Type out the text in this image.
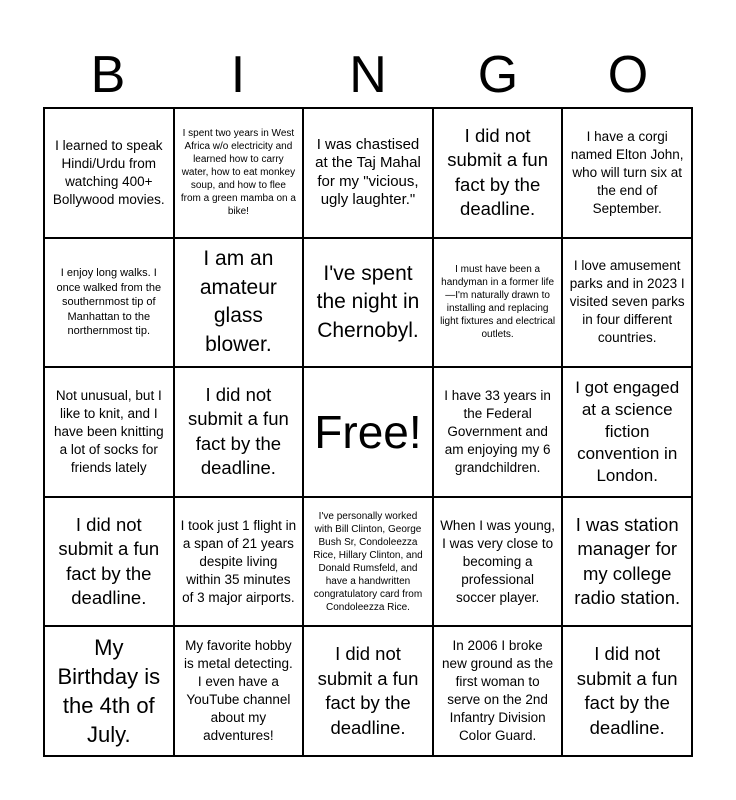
B	I	N	G	O
I learned to speak Hindi/Urdu from watching 400+ Bollywood movies.
I spent two years in West Africa w/o electricity and learned how to carry water, how to eat monkey soup, and how to flee from a green mamba on a bike!
I was chastised at the Taj Mahal for my "vicious, ugly laughter."
I did not submit a fun fact by the deadline.
I have a corgi named Elton John, who will turn six at the end of September.
I enjoy long walks. I once walked from the southernmost tip of Manhattan to the northernmost tip.
I am an amateur glass blower.
I've spent the night in Chernobyl.
I must have been a handyman in a former life—I'm naturally drawn to installing and replacing light fixtures and electrical outlets.
I love amusement parks and in 2023 I visited seven parks in four different countries.
Not unusual, but I like to knit, and I have been knitting a lot of socks for friends lately
I did not submit a fun fact by the deadline.
Free!
I have 33 years in the Federal Government and am enjoying my 6 grandchildren.
I got engaged at a science fiction convention in London.
I did not submit a fun fact by the deadline.
I took just 1 flight in a span of 21 years despite living within 35 minutes of 3 major airports.
I've personally worked with Bill Clinton, George Bush Sr, Condoleezza Rice, Hillary Clinton, and Donald Rumsfeld, and have a handwritten congratulatory card from Condoleezza Rice.
When I was young, I was very close to becoming a professional soccer player.
I was station manager for my college radio station.
My Birthday is the 4th of July.
My favorite hobby is metal detecting. I even have a YouTube channel about my adventures!
I did not submit a fun fact by the deadline.
In 2006 I broke new ground as the first woman to serve on the 2nd Infantry Division Color Guard.
I did not submit a fun fact by the deadline.
